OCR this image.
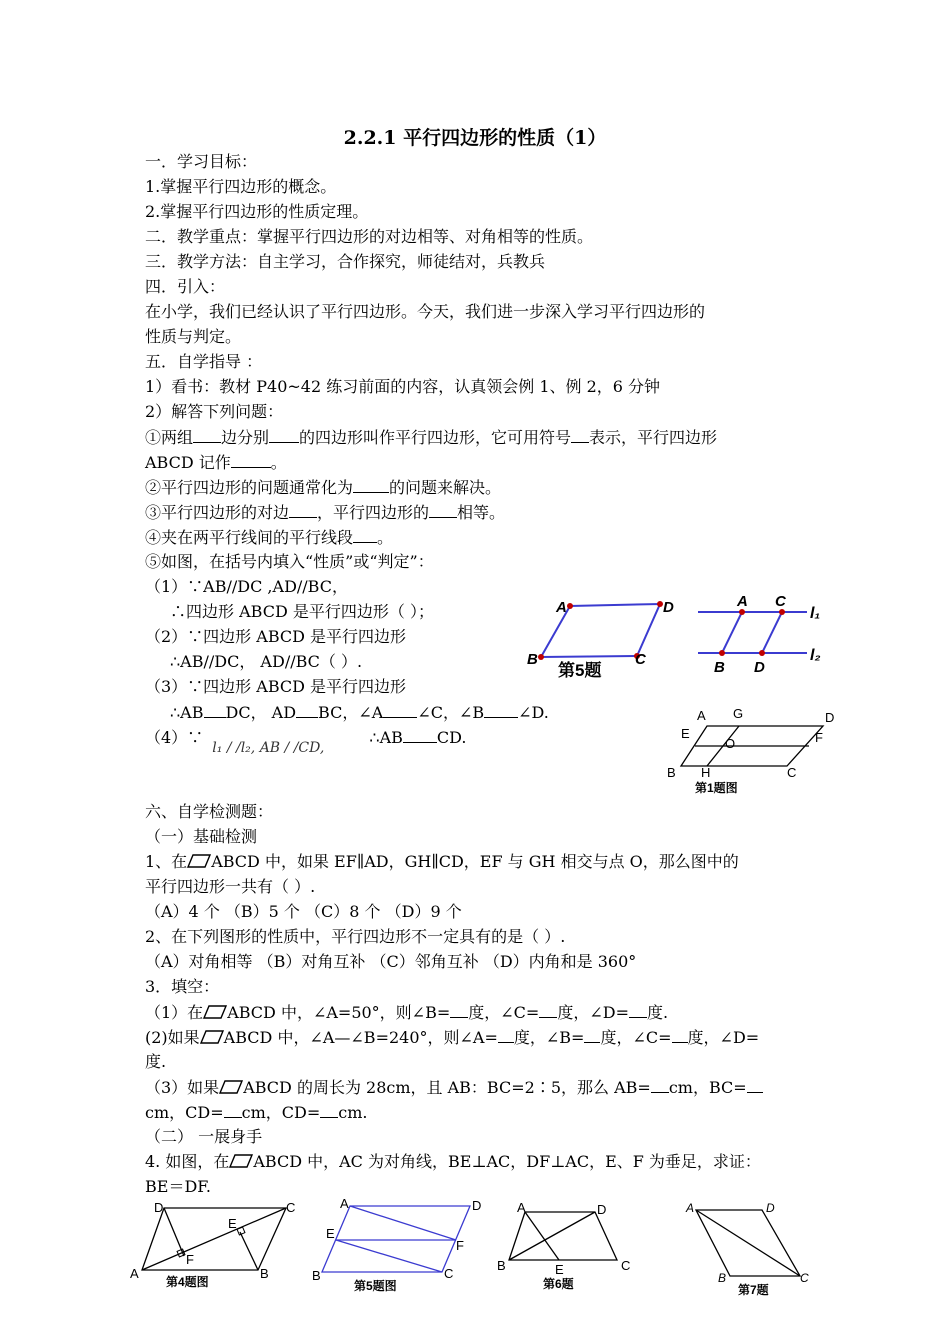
2.2.1 平行四边形的性质（1）
一．学习目标：
1.掌握平行四边形的概念。
2.掌握平行四边形的性质定理。
二．教学重点：掌握平行四边形的对边相等、对角相等的性质。
三．教学方法：自主学习，合作探究，师徒结对，兵教兵
四．引入：
在小学，我们已经认识了平行四边形。今天，我们进一步深入学习平行四边形的
性质与判定。
五．自学指导 ：
1）看书：教材 P40~42 练习前面的内容，认真领会例 1、例 2，6 分钟
2）解答下列问题：
①两组 边分别 的四边形叫作平行四边形，它可用符号 表示，平行四边形
ABCD 记作	。
②平行四边形的问题通常化为 的问题来解决。
③平行四边形的对边 ，平行四边形的 相等。
④夹在两平行线间的平行线段 。
⑤如图，在括号内填入“性质”或“判定”：
（1）∵AB//DC ,AD//BC，
∴四边形 ABCD 是平行四边形（ ）；
（2）∵四边形 ABCD 是平行四边形
∴AB//DC， AD//BC（ ）.
（3）∵四边形 ABCD 是平行四边形
∴AB DC， AD BC，∠A ∠C，∠B ∠D.
（4）∵ l₁ / /l₂, AB / /CD, ∴AB CD.
A	D
B	C
第5题
A C
B D
l₁
l₂
A G	D
E
O	F
B H	C
第1题图
六、自学检测题：
（一）基础检测
1、在 ABCD 中，如果 EF∥AD，GH∥CD，EF 与 GH 相交与点 O，那么图中的
平行四边形一共有（ ）.
（A）4 个 （B）5 个 （C）8 个 （D）9 个
2、在下列图形的性质中，平行四边形不一定具有的是（ ）.
（A）对角相等 （B）对角互补 （C）邻角互补 （D）内角和是 360°
3．填空：
（1）在 ABCD 中，∠A=50°，则∠B= 度，∠C= 度，∠D= 度.
(2)如果 ABCD 中，∠A—∠B=240°，则∠A= 度，∠B= 度，∠C= 度，∠D=
度.
（3）如果 ABCD 的周长为 28cm，且 AB：BC=2∶5，那么 AB= cm，BC=
cm，CD= cm，CD= cm.
（二） 一展身手
4. 如图，在 ABCD 中，AC 为对角线，BE⊥AC，DF⊥AC，E、F 为垂足，求证：
BE＝DF.
D	C
E
F
A	B
第4题图
A	D
E
F
B	C
第5题图
A	D
B	E	C
第6题
A	D
B	C
第7题
